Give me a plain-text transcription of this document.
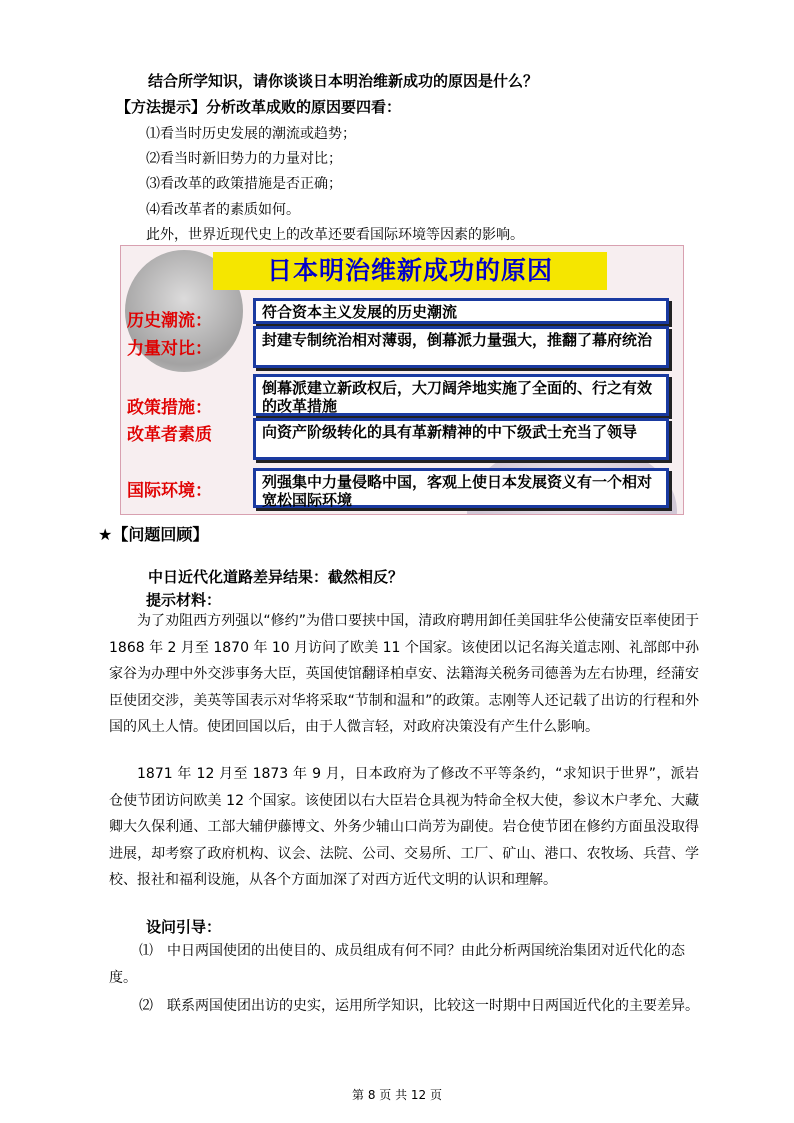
结合所学知识，请你谈谈日本明治维新成功的原因是什么？
【方法提示】分析改革成败的原因要四看：
⑴看当时历史发展的潮流或趋势；
⑵看当时新旧势力的力量对比；
⑶看改革的政策措施是否正确；
⑷看改革者的素质如何。
此外，世界近现代史上的改革还要看国际环境等因素的影响。
日本明治维新成功的原因
历史潮流：
力量对比：
政策措施：
改革者素质
国际环境：
符合资本主义发展的历史潮流
封建专制统治相对薄弱，倒幕派力量强大，推翻了幕府统治
倒幕派建立新政权后，大刀阔斧地实施了全面的、行之有效的改革措施
向资产阶级转化的具有革新精神的中下级武士充当了领导
列强集中力量侵略中国，客观上使日本发展资义有一个相对宽松国际环境
★【问题回顾】
中日近代化道路差异结果：截然相反？
提示材料：
为了劝阻西方列强以“修约”为借口要挟中国，清政府聘用卸任美国驻华公使蒲安臣率使团于 1868 年 2 月至 1870 年 10 月访问了欧美 11 个国家。该使团以记名海关道志刚、礼部郎中孙家谷为办理中外交涉事务大臣，英国使馆翻译柏卓安、法籍海关税务司德善为左右协理，经蒲安臣使团交涉，美英等国表示对华将采取“节制和温和”的政策。志刚等人还记载了出访的行程和外国的风土人情。使团回国以后，由于人微言轻，对政府决策没有产生什么影响。
1871 年 12 月至 1873 年 9 月，日本政府为了修改不平等条约，“求知识于世界”，派岩仓使节团访问欧美 12 个国家。该使团以右大臣岩仓具视为特命全权大使，参议木户孝允、大藏卿大久保利通、工部大辅伊藤博文、外务少辅山口尚芳为副使。岩仓使节团在修约方面虽没取得进展，却考察了政府机构、议会、法院、公司、交易所、工厂、矿山、港口、农牧场、兵营、学校、报社和福利设施，从各个方面加深了对西方近代文明的认识和理解。
设问引导：
⑴ 中日两国使团的出使目的、成员组成有何不同？由此分析两国统治集团对近代化的态度。
⑵ 联系两国使团出访的史实，运用所学知识，比较这一时期中日两国近代化的主要差异。
第 8 页 共 12 页
